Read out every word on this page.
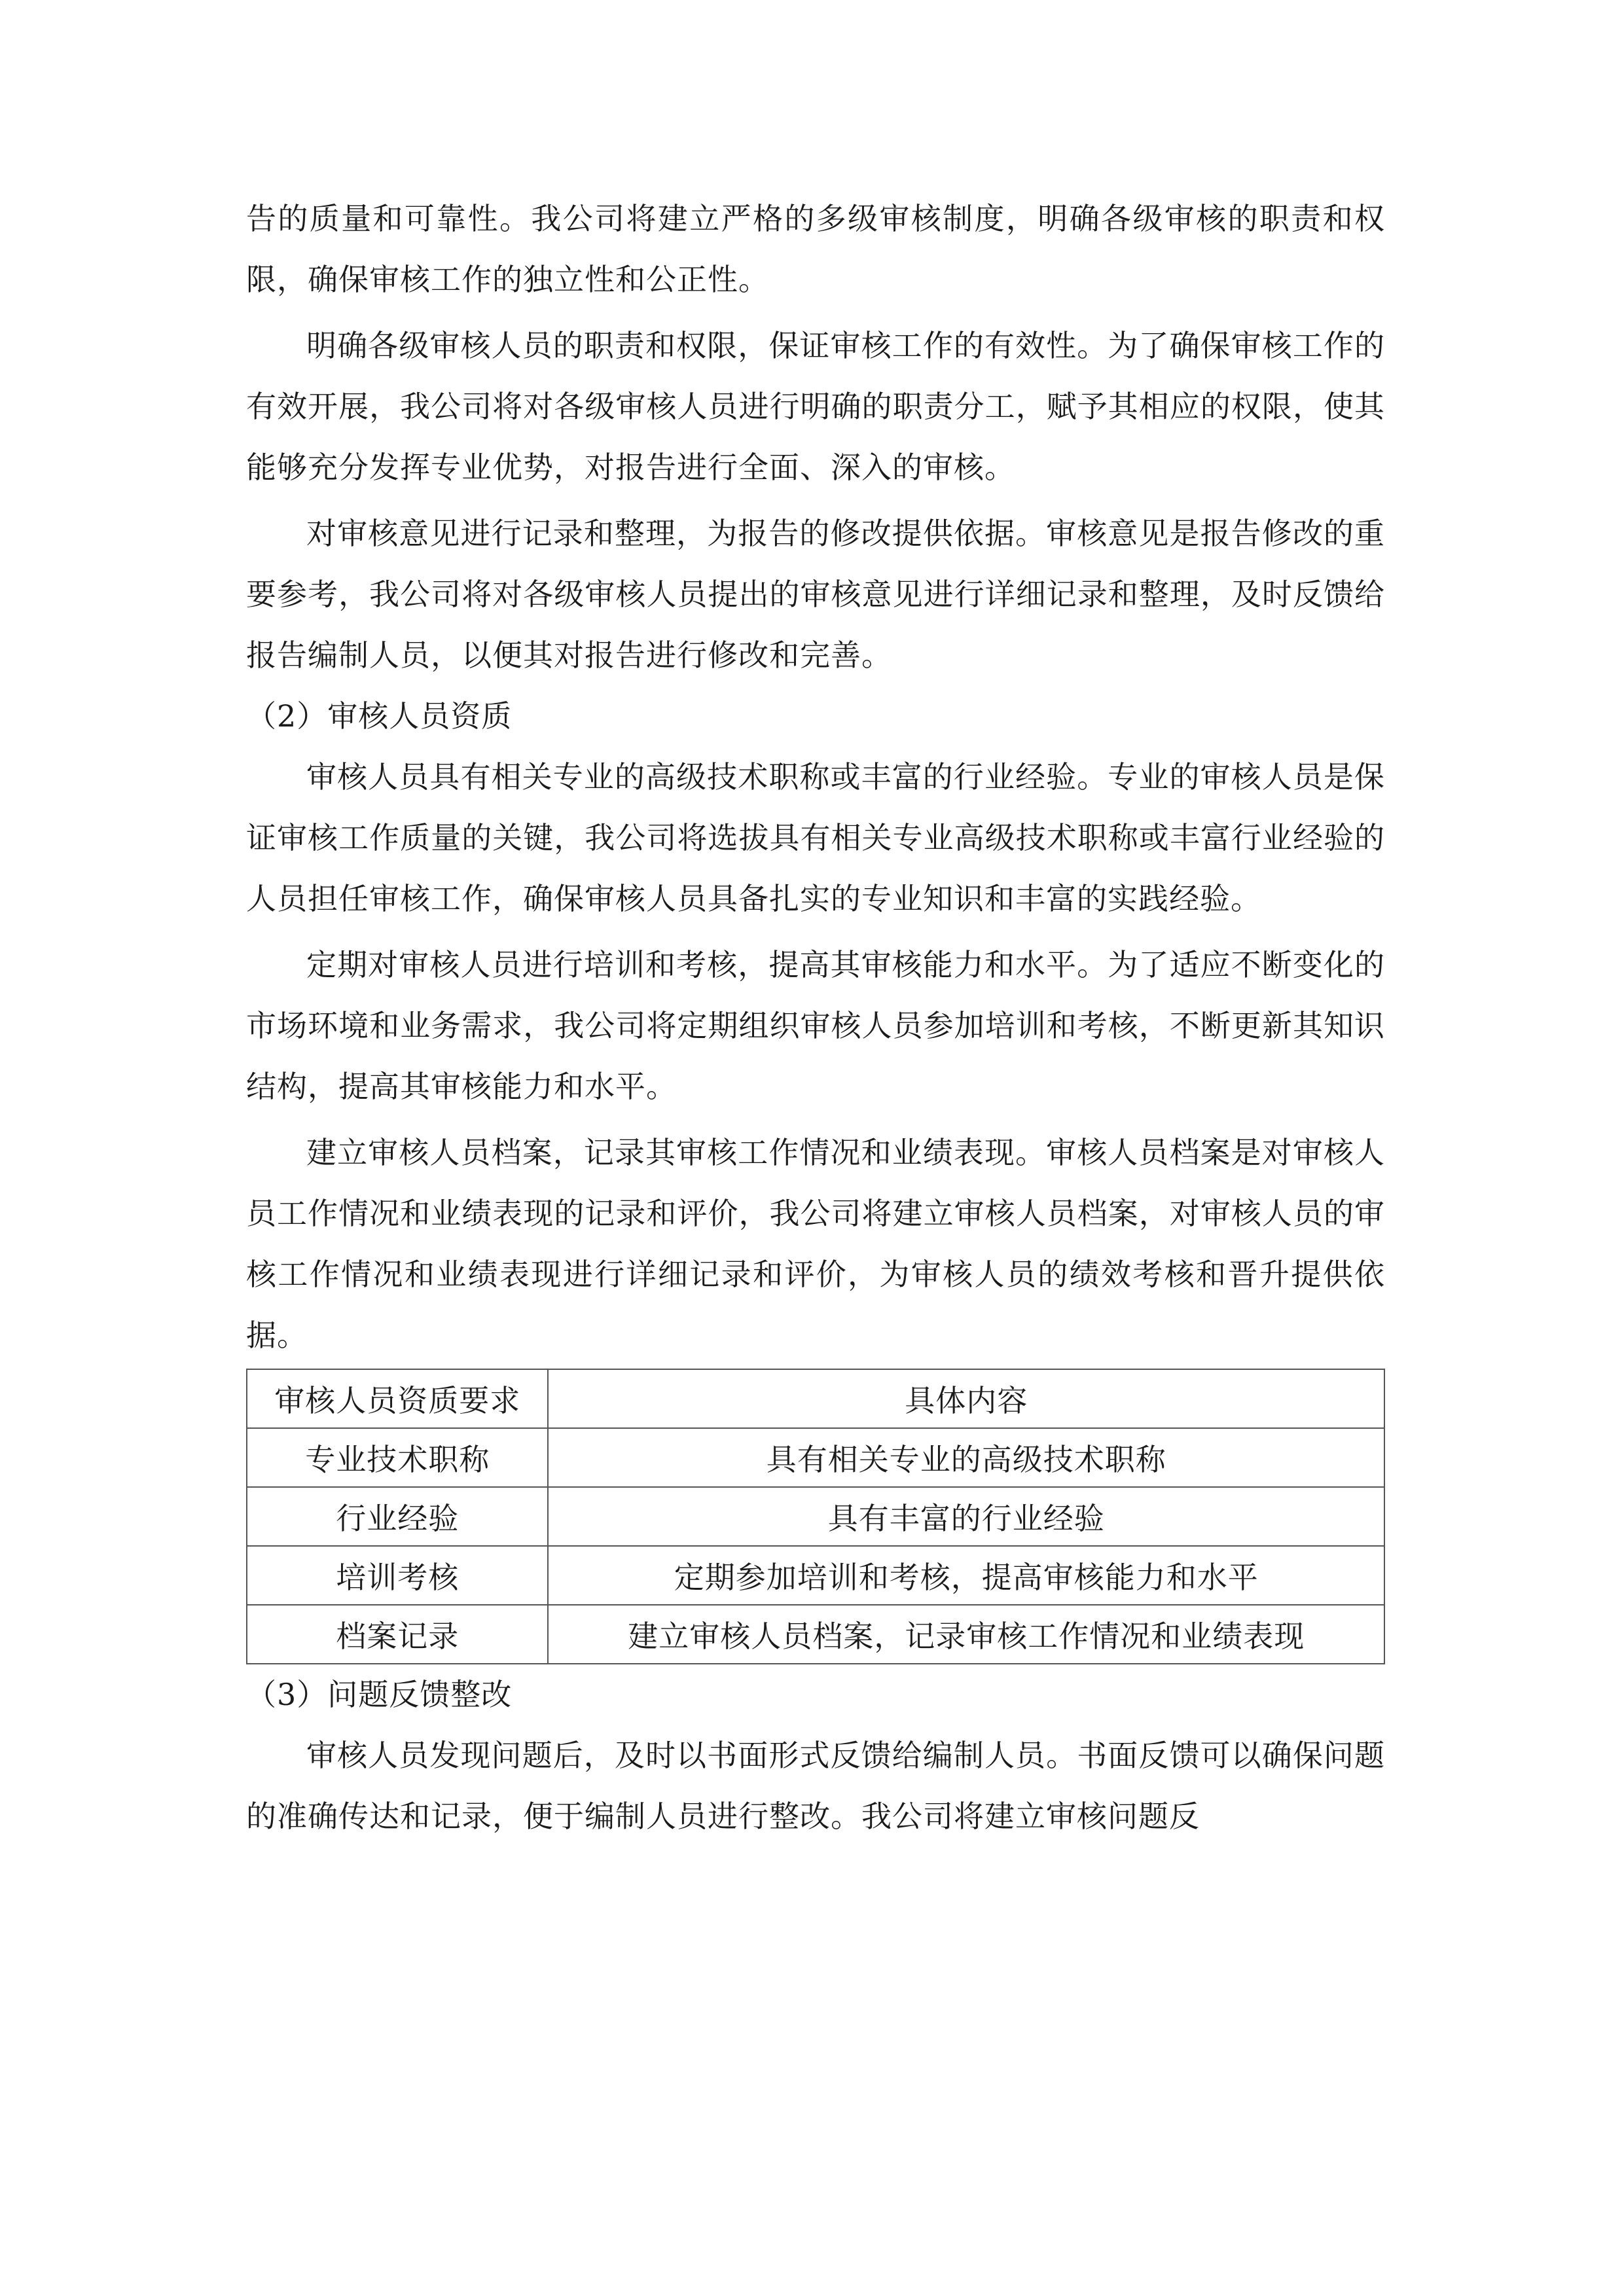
告的质量和可靠性。我公司将建立严格的多级审核制度，明确各级审核的职责和权限，确保审核工作的独立性和公正性。

明确各级审核人员的职责和权限，保证审核工作的有效性。为了确保审核工作的有效开展，我公司将对各级审核人员进行明确的职责分工，赋予其相应的权限，使其能够充分发挥专业优势，对报告进行全面、深入的审核。

对审核意见进行记录和整理，为报告的修改提供依据。审核意见是报告修改的重要参考，我公司将对各级审核人员提出的审核意见进行详细记录和整理，及时反馈给报告编制人员，以便其对报告进行修改和完善。

（2）审核人员资质

审核人员具有相关专业的高级技术职称或丰富的行业经验。专业的审核人员是保证审核工作质量的关键，我公司将选拔具有相关专业高级技术职称或丰富行业经验的人员担任审核工作，确保审核人员具备扎实的专业知识和丰富的实践经验。

定期对审核人员进行培训和考核，提高其审核能力和水平。为了适应不断变化的市场环境和业务需求，我公司将定期组织审核人员参加培训和考核，不断更新其知识结构，提高其审核能力和水平。

建立审核人员档案，记录其审核工作情况和业绩表现。审核人员档案是对审核人员工作情况和业绩表现的记录和评价，我公司将建立审核人员档案，对审核人员的审核工作情况和业绩表现进行详细记录和评价，为审核人员的绩效考核和晋升提供依据。

审核人员资质要求	具体内容
专业技术职称	具有相关专业的高级技术职称
行业经验	具有丰富的行业经验
培训考核	定期参加培训和考核，提高审核能力和水平
档案记录	建立审核人员档案，记录审核工作情况和业绩表现

（3）问题反馈整改

审核人员发现问题后，及时以书面形式反馈给编制人员。书面反馈可以确保问题的准确传达和记录，便于编制人员进行整改。我公司将建立审核问题反
